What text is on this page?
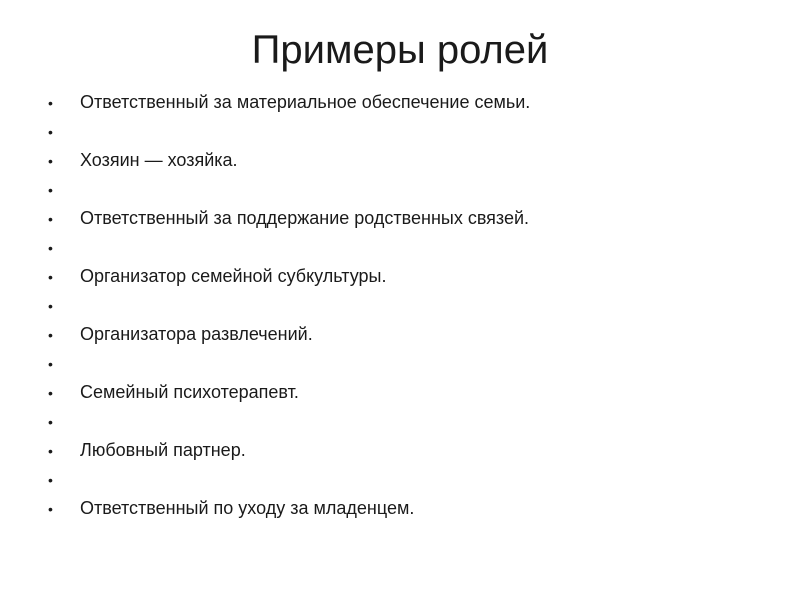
Примеры ролей
•	Ответственный за материальное обеспечение семьи.
•
•	Хозяин — хозяйка.
•
•	Ответственный за поддержание родственных связей.
•
•	Организатор семейной субкультуры.
•
•	Организатора развлечений.
•
•	Семейный психотерапевт.
•
•	Любовный партнер.
•
•	Ответственный по уходу за младенцем.
